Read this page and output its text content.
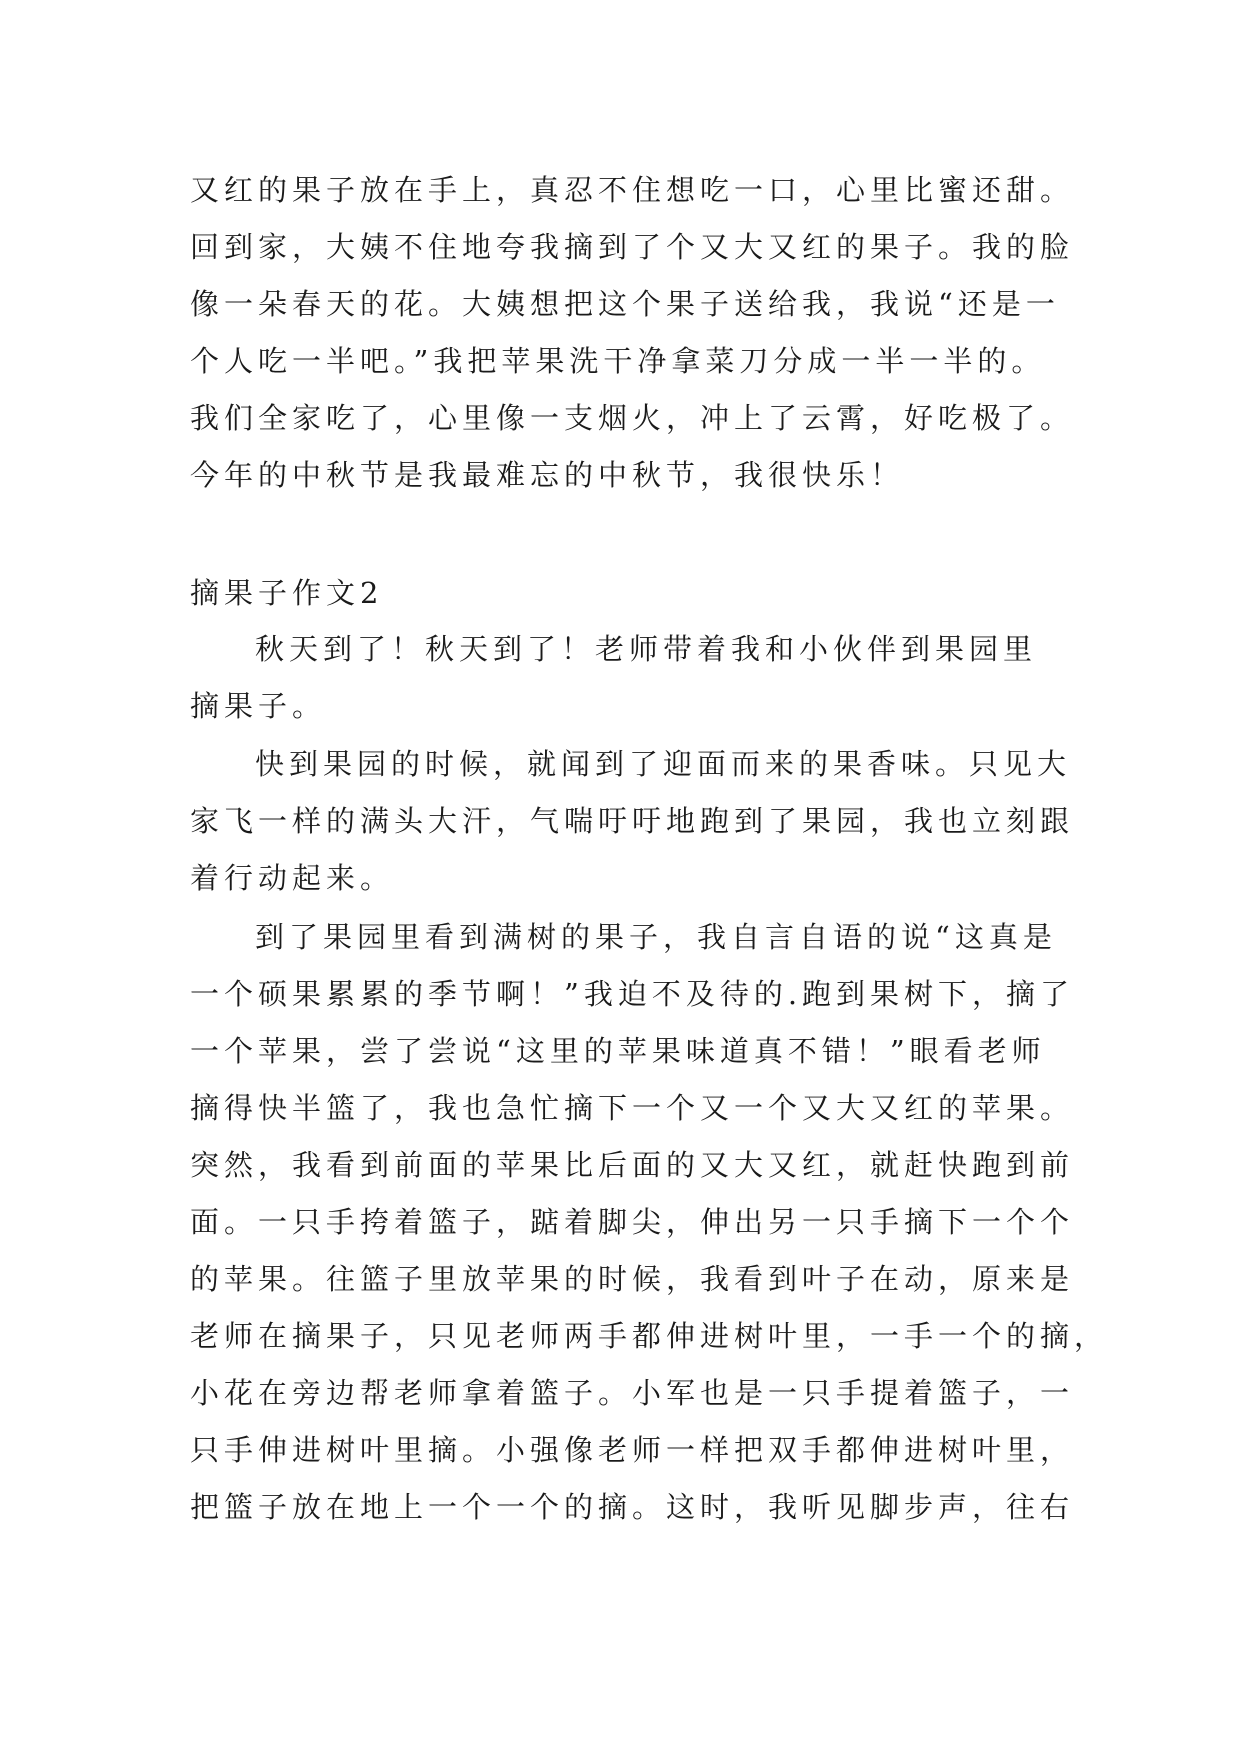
又红的果子放在手上，真忍不住想吃一口，心里比蜜还甜。
回到家，大姨不住地夸我摘到了个又大又红的果子。我的脸
像一朵春天的花。大姨想把这个果子送给我，我说“还是一
个人吃一半吧。”我把苹果洗干净拿菜刀分成一半一半的。
我们全家吃了，心里像一支烟火，冲上了云霄，好吃极了。
今年的中秋节是我最难忘的中秋节，我很快乐！
摘果子作文2
秋天到了！秋天到了！老师带着我和小伙伴到果园里
摘果子。
快到果园的时候，就闻到了迎面而来的果香味。只见大
家飞一样的满头大汗，气喘吁吁地跑到了果园，我也立刻跟
着行动起来。
到了果园里看到满树的果子，我自言自语的说“这真是
一个硕果累累的季节啊！”我迫不及待的.跑到果树下，摘了
一个苹果，尝了尝说“这里的苹果味道真不错！”眼看老师
摘得快半篮了，我也急忙摘下一个又一个又大又红的苹果。
突然，我看到前面的苹果比后面的又大又红，就赶快跑到前
面。一只手挎着篮子，踮着脚尖，伸出另一只手摘下一个个
的苹果。往篮子里放苹果的时候，我看到叶子在动，原来是
老师在摘果子，只见老师两手都伸进树叶里，一手一个的摘，
小花在旁边帮老师拿着篮子。小军也是一只手提着篮子，一
只手伸进树叶里摘。小强像老师一样把双手都伸进树叶里，
把篮子放在地上一个一个的摘。这时，我听见脚步声，往右
